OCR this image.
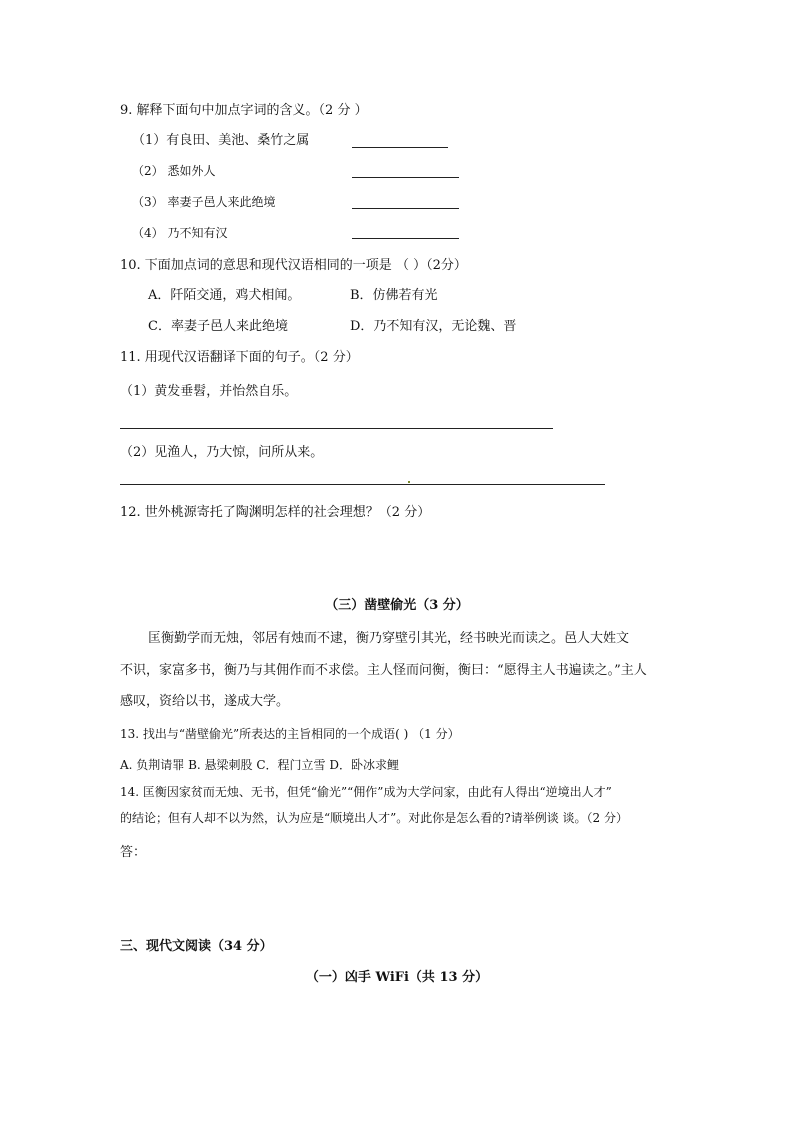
9. 解释下面句中加点字词的含义。（2 分 ）
（1）有良田、美池、桑竹之属
（2） 悉如外人
（3） 率妻子邑人来此绝境
（4） 乃不知有汉
10. 下面加点词的意思和现代汉语相同的一项是 （ ）（2分）
A．阡陌交通，鸡犬相闻。	B．仿佛若有光
C．率妻子邑人来此绝境	D．乃不知有汉，无论魏、晋
11. 用现代汉语翻译下面的句子。（2 分）
（1）黄发垂髫，并怡然自乐。
（2）见渔人，乃大惊，问所从来。
12. 世外桃源寄托了陶渊明怎样的社会理想？（2 分）
（三）凿壁偷光（3 分）
匡衡勤学而无烛，邻居有烛而不逮，衡乃穿壁引其光，经书映光而读之。邑人大姓文
不识，家富多书，衡乃与其佣作而不求偿。主人怪而问衡，衡曰：“愿得主人书遍读之。”主人
感叹，资给以书，遂成大学。
13. 找出与“凿壁偷光”所表达的主旨相同的一个成语( ) （1 分）
A. 负荆请罪 B. 悬梁刺股 C．程门立雪 D．卧冰求鲤
14. 匡衡因家贫而无烛、无书，但凭“偷光”“佣作”成为大学问家，由此有人得出“逆境出人才”
的结论；但有人却不以为然，认为应是“顺境出人才”。对此你是怎么看的?请举例谈 谈。（2 分）
答：
三、现代文阅读（34 分）
（一）凶手 WiFi（共 13 分）
